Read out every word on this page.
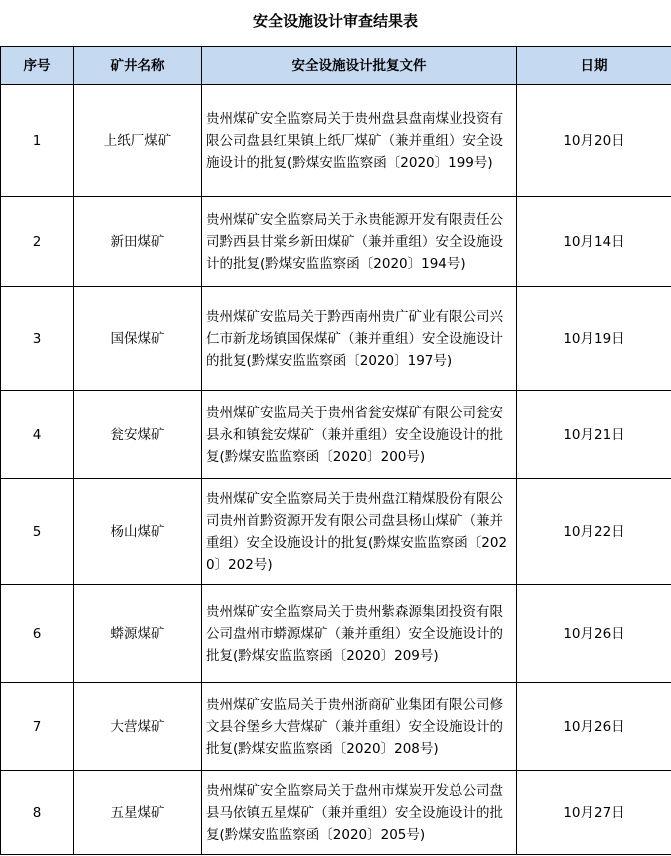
安全设施设计审查结果表
序号	矿井名称	安全设施设计批复文件	日期
1	上纸厂煤矿	贵州煤矿安全监察局关于贵州盘县盘南煤业投资有限公司盘县红果镇上纸厂煤矿（兼并重组）安全设施设计的批复(黔煤安监监察函〔2020〕199号)	10月20日
2	新田煤矿	贵州煤矿安全监察局关于永贵能源开发有限责任公司黔西县甘棠乡新田煤矿（兼并重组）安全设施设计的批复(黔煤安监监察函〔2020〕194号)	10月14日
3	国保煤矿	贵州煤矿安监局关于黔西南州贵广矿业有限公司兴仁市新龙场镇国保煤矿（兼并重组）安全设施设计的批复(黔煤安监监察函〔2020〕197号)	10月19日
4	瓮安煤矿	贵州煤矿安监局关于贵州省瓮安煤矿有限公司瓮安县永和镇瓮安煤矿（兼并重组）安全设施设计的批复(黔煤安监监察函〔2020〕200号)	10月21日
5	杨山煤矿	贵州煤矿安全监察局关于贵州盘江精煤股份有限公司贵州首黔资源开发有限公司盘县杨山煤矿（兼并重组）安全设施设计的批复(黔煤安监监察函〔2020〕202号)	10月22日
6	蟒源煤矿	贵州煤矿安全监察局关于贵州紫森源集团投资有限公司盘州市蟒源煤矿（兼并重组）安全设施设计的批复(黔煤安监监察函〔2020〕209号)	10月26日
7	大营煤矿	贵州煤矿安监局关于贵州浙商矿业集团有限公司修文县谷堡乡大营煤矿（兼并重组）安全设施设计的批复(黔煤安监监察函〔2020〕208号)	10月26日
8	五星煤矿	贵州煤矿安全监察局关于盘州市煤炭开发总公司盘县马依镇五星煤矿（兼并重组）安全设施设计的批复(黔煤安监监察函〔2020〕205号)	10月27日
